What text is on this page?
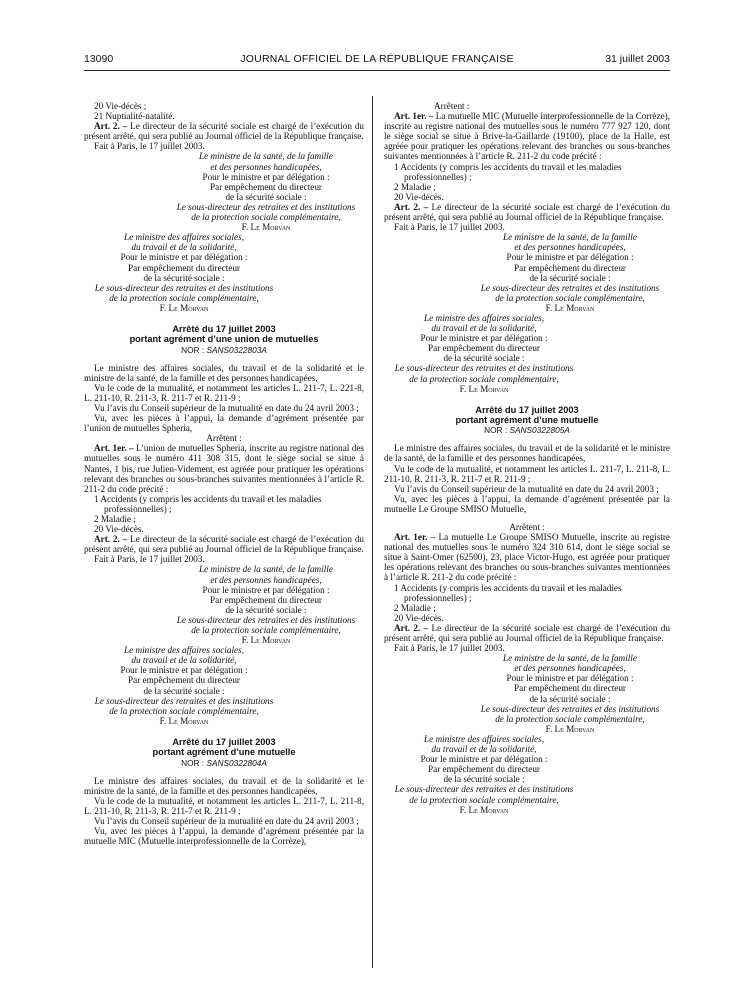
13090	JOURNAL OFFICIEL DE LA RÉPUBLIQUE FRANÇAISE	31 juillet 2003

20 Vie-décès ;

21 Nuptialité-natalité.

Art. 2. – Le directeur de la sécurité sociale est chargé de l’exécution du présent arrêté, qui sera publié au Journal officiel de la République française.

Fait à Paris, le 17 juillet 2003.

Le ministre de la santé, de la famille
et des personnes handicapées,
Pour le ministre et par délégation :
Par empêchement du directeur
de la sécurité sociale :
Le sous-directeur des retraites et des institutions
de la protection sociale complémentaire,
F. Le Morvan
Le ministre des affaires sociales,
du travail et de la solidarité,
Pour le ministre et par délégation :
Par empêchement du directeur
de la sécurité sociale :
Le sous-directeur des retraites et des institutions
de la protection sociale complémentaire,
F. Le Morvan

Arrêté du 17 juillet 2003

portant agrément d’une union de mutuelles

NOR : SANS0322803A

Le ministre des affaires sociales, du travail et de la solidarité et le ministre de la santé, de la famille et des personnes handicapées,

Vu le code de la mutualité, et notamment les articles L. 211-7, L. 221-8, L. 211-10, R. 211-3, R. 211-7 et R. 211-9 ;

Vu l’avis du Conseil supérieur de la mutualité en date du 24 avril 2003 ;

Vu, avec les pièces à l’appui, la demande d’agrément présentée par l’union de mutuelles Spheria,

Arrêtent :

Art. 1er. – L’union de mutuelles Spheria, inscrite au registre national des mutuelles sous le numéro 411 308 315, dont le siège social se situe à Nantes, 1 bis, rue Julien-Videment, est agréée pour pratiquer les opérations relevant des branches ou sous-branches suivantes mentionnées à l’article R. 211-2 du code précité :

1 Accidents (y compris les accidents du travail et les maladies professionnelles) ;

2 Maladie ;

20 Vie-décès.

Art. 2. – Le directeur de la sécurité sociale est chargé de l’exécution du présent arrêté, qui sera publié au Journal officiel de la République française.

Fait à Paris, le 17 juillet 2003.

Le ministre de la santé, de la famille
et des personnes handicapées,
Pour le ministre et par délégation :
Par empêchement du directeur
de la sécurité sociale :
Le sous-directeur des retraites et des institutions
de la protection sociale complémentaire,
F. Le Morvan
Le ministre des affaires sociales,
du travail et de la solidarité,
Pour le ministre et par délégation :
Par empêchement du directeur
de la sécurité sociale :
Le sous-directeur des retraites et des institutions
de la protection sociale complémentaire,
F. Le Morvan

Arrêté du 17 juillet 2003

portant agrément d’une mutuelle

NOR : SANS0322804A

Le ministre des affaires sociales, du travail et de la solidarité et le ministre de la santé, de la famille et des personnes handicapées,

Vu le code de la mutualité, et notamment les articles L. 211-7, L. 211-8, L. 211-10, R. 211-3, R. 211-7 et R. 211-9 ;

Vu l’avis du Conseil supérieur de la mutualité en date du 24 avril 2003 ;

Vu, avec les pièces à l’appui, la demande d’agrément présentée par la mutuelle MIC (Mutuelle interprofessionnelle de la Corrèze),

Arrêtent :

Art. 1er. – La mutuelle MIC (Mutuelle interprofessionnelle de la Corrèze), inscrite au registre national des mutuelles sous le numéro 777 927 120, dont le siège social se situe à Brive-la-Gaillarde (19100), place de la Halle, est agréée pour pratiquer les opérations relevant des branches ou sous-branches suivantes mentionnées à l’article R. 211-2 du code précité :

1 Accidents (y compris les accidents du travail et les maladies professionnelles) ;

2 Maladie ;

20 Vie-décès.

Art. 2. – Le directeur de la sécurité sociale est chargé de l’exécution du présent arrêté, qui sera publié au Journal officiel de la République française.

Fait à Paris, le 17 juillet 2003.

Le ministre de la santé, de la famille
et des personnes handicapées,
Pour le ministre et par délégation :
Par empêchement du directeur
de la sécurité sociale :
Le sous-directeur des retraites et des institutions
de la protection sociale complémentaire,
F. Le Morvan
Le ministre des affaires sociales,
du travail et de la solidarité,
Pour le ministre et par délégation :
Par empêchement du directeur
de la sécurité sociale :
Le sous-directeur des retraites et des institutions
de la protection sociale complémentaire,
F. Le Morvan

Arrêté du 17 juillet 2003

portant agrément d’une mutuelle

NOR : SANS0322805A

Le ministre des affaires sociales, du travail et de la solidarité et le ministre de la santé, de la famille et des personnes handicapées,

Vu le code de la mutualité, et notamment les articles L. 211-7, L. 211-8, L. 211-10, R. 211-3, R. 211-7 et R. 211-9 ;

Vu l’avis du Conseil supérieur de la mutualité en date du 24 avril 2003 ;

Vu, avec les pièces à l’appui, la demande d’agrément présentée par la mutuelle Le Groupe SMISO Mutuelle,

Arrêtent :

Art. 1er. – La mutuelle Le Groupe SMISO Mutuelle, inscrite au registre national des mutuelles sous le numéro 324 310 614, dont le siège social se situe à Saint-Omer (62500), 23, place Victor-Hugo, est agréée pour pratiquer les opérations relevant des branches ou sous-branches suivantes mentionnées à l’article R. 211-2 du code précité :

1 Accidents (y compris les accidents du travail et les maladies professionnelles) ;

2 Maladie ;

20 Vie-décès.

Art. 2. – Le directeur de la sécurité sociale est chargé de l’exécution du présent arrêté, qui sera publié au Journal officiel de la République française.

Fait à Paris, le 17 juillet 2003.

Le ministre de la santé, de la famille
et des personnes handicapées,
Pour le ministre et par délégation :
Par empêchement du directeur
de la sécurité sociale :
Le sous-directeur des retraites et des institutions
de la protection sociale complémentaire,
F. Le Morvan
Le ministre des affaires sociales,
du travail et de la solidarité,
Pour le ministre et par délégation :
Par empêchement du directeur
de la sécurité sociale :
Le sous-directeur des retraites et des institutions
de la protection sociale complémentaire,
F. Le Morvan
